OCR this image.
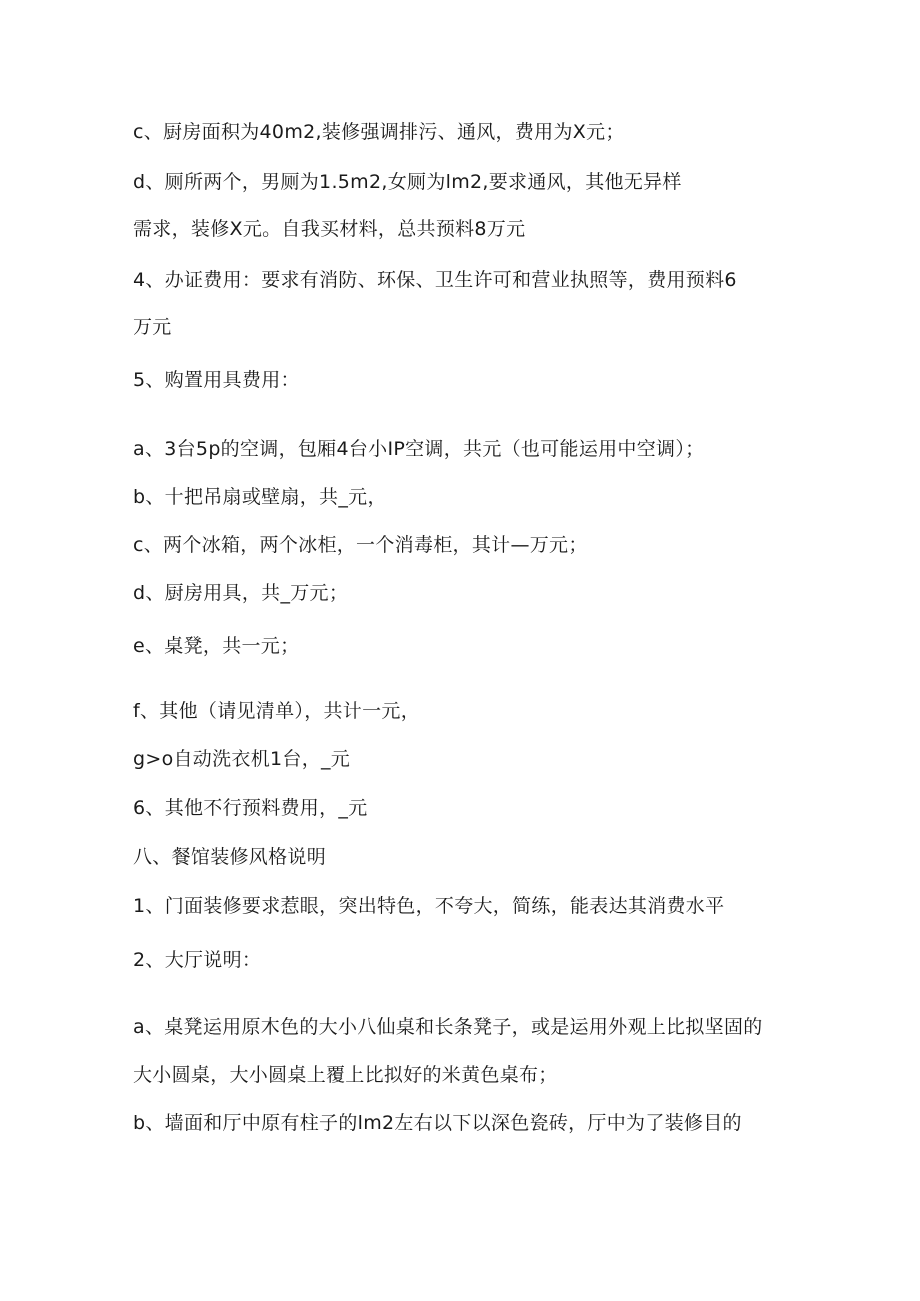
c、厨房面积为40m2,装修强调排污、通风，费用为X元；

d、厕所两个，男厕为1.5m2,女厕为lm2,要求通风，其他无异样

需求，装修X元。自我买材料，总共预料8万元

4、办证费用：要求有消防、环保、卫生许可和营业执照等，费用预料6

万元

5、购置用具费用：

a、3台5p的空调，包厢4台小IP空调，共元（也可能运用中空调）；

b、十把吊扇或壁扇，共_元，

c、两个冰箱，两个冰柜，一个消毒柜，其计—万元；

d、厨房用具，共_万元；

e、桌凳，共一元；

f、其他（请见清单），共计一元，

g>o自动洗衣机1台，_元

6、其他不行预料费用，_元

八、餐馆装修风格说明

1、门面装修要求惹眼，突出特色，不夸大，简练，能表达其消费水平

2、大厅说明：

a、桌凳运用原木色的大小八仙桌和长条凳子，或是运用外观上比拟坚固的

大小圆桌，大小圆桌上覆上比拟好的米黄色桌布；

b、墙面和厅中原有柱子的lm2左右以下以深色瓷砖，厅中为了装修目的
